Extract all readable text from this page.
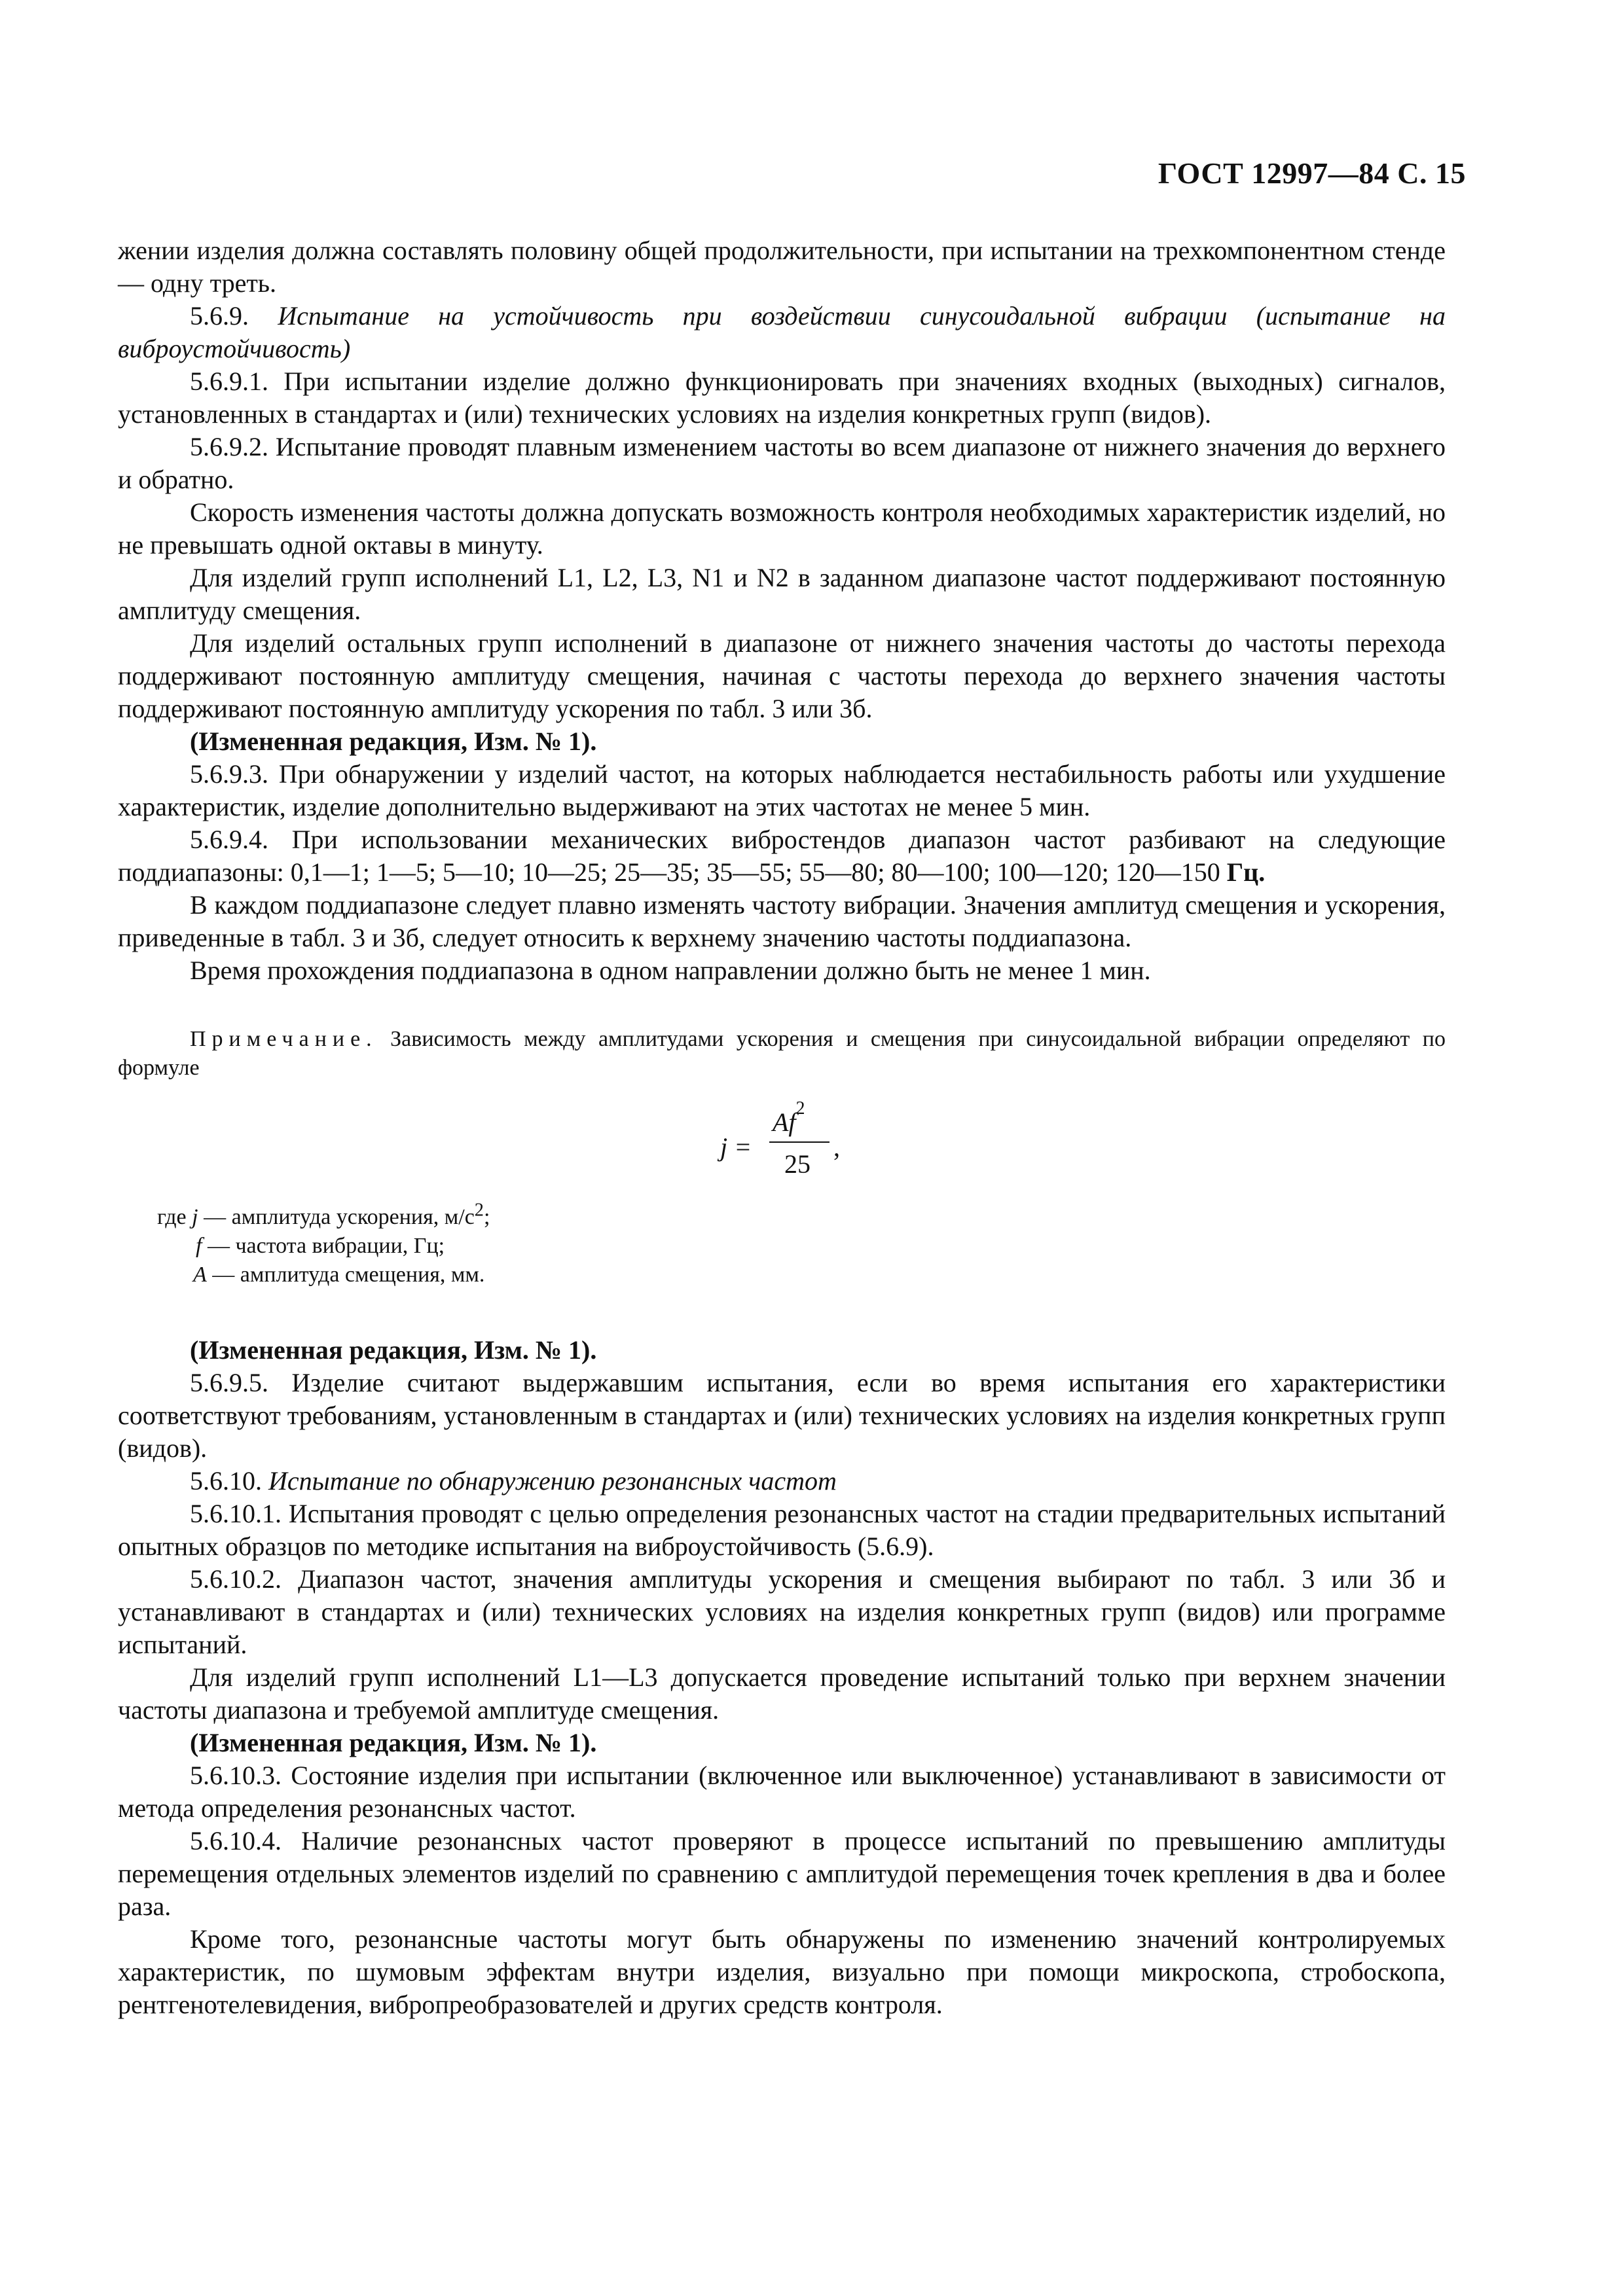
ГОСТ 12997—84 С. 15

жении изделия должна составлять половину общей продолжительности, при испытании на трехкомпонентном стенде — одну треть.

5.6.9. Испытание на устойчивость при воздействии синусоидальной вибрации (испытание на виброустойчивость)

5.6.9.1. При испытании изделие должно функционировать при значениях входных (выходных) сигналов, установленных в стандартах и (или) технических условиях на изделия конкретных групп (видов).

5.6.9.2. Испытание проводят плавным изменением частоты во всем диапазоне от нижнего значения до верхнего и обратно.

Скорость изменения частоты должна допускать возможность контроля необходимых характеристик изделий, но не превышать одной октавы в минуту.

Для изделий групп исполнений L1, L2, L3, N1 и N2 в заданном диапазоне частот поддерживают постоянную амплитуду смещения.

Для изделий остальных групп исполнений в диапазоне от нижнего значения частоты до частоты перехода поддерживают постоянную амплитуду смещения, начиная с частоты перехода до верхнего значения частоты поддерживают постоянную амплитуду ускорения по табл. 3 или 3б.

(Измененная редакция, Изм. № 1).

5.6.9.3. При обнаружении у изделий частот, на которых наблюдается нестабильность работы или ухудшение характеристик, изделие дополнительно выдерживают на этих частотах не менее 5 мин.

5.6.9.4. При использовании механических вибростендов диапазон частот разбивают на следующие поддиапазоны: 0,1—1; 1—5; 5—10; 10—25; 25—35; 35—55; 55—80; 80—100; 100—120; 120—150 Гц.

В каждом поддиапазоне следует плавно изменять частоту вибрации. Значения амплитуд смещения и ускорения, приведенные в табл. 3 и 3б, следует относить к верхнему значению частоты поддиапазона.

Время прохождения поддиапазона в одном направлении должно быть не менее 1 мин.

Примечание. Зависимость между амплитудами ускорения и смещения при синусоидальной вибрации определяют по формуле

j =
$Af^2$
25
,
где j — амплитуда ускорения, $м/с^2$;
f — частота вибрации, Гц;
A — амплитуда смещения, мм.

(Измененная редакция, Изм. № 1).

5.6.9.5. Изделие считают выдержавшим испытания, если во время испытания его характеристики соответствуют требованиям, установленным в стандартах и (или) технических условиях на изделия конкретных групп (видов).

5.6.10. Испытание по обнаружению резонансных частот

5.6.10.1. Испытания проводят с целью определения резонансных частот на стадии предварительных испытаний опытных образцов по методике испытания на виброустойчивость (5.6.9).

5.6.10.2. Диапазон частот, значения амплитуды ускорения и смещения выбирают по табл. 3 или 3б и устанавливают в стандартах и (или) технических условиях на изделия конкретных групп (видов) или программе испытаний.

Для изделий групп исполнений L1—L3 допускается проведение испытаний только при верхнем значении частоты диапазона и требуемой амплитуде смещения.

(Измененная редакция, Изм. № 1).

5.6.10.3. Состояние изделия при испытании (включенное или выключенное) устанавливают в зависимости от метода определения резонансных частот.

5.6.10.4. Наличие резонансных частот проверяют в процессе испытаний по превышению амплитуды перемещения отдельных элементов изделий по сравнению с амплитудой перемещения точек крепления в два и более раза.

Кроме того, резонансные частоты могут быть обнаружены по изменению значений контролируемых характеристик, по шумовым эффектам внутри изделия, визуально при помощи микроскопа, стробоскопа, рентгенотелевидения, вибропреобразователей и других средств контроля.
